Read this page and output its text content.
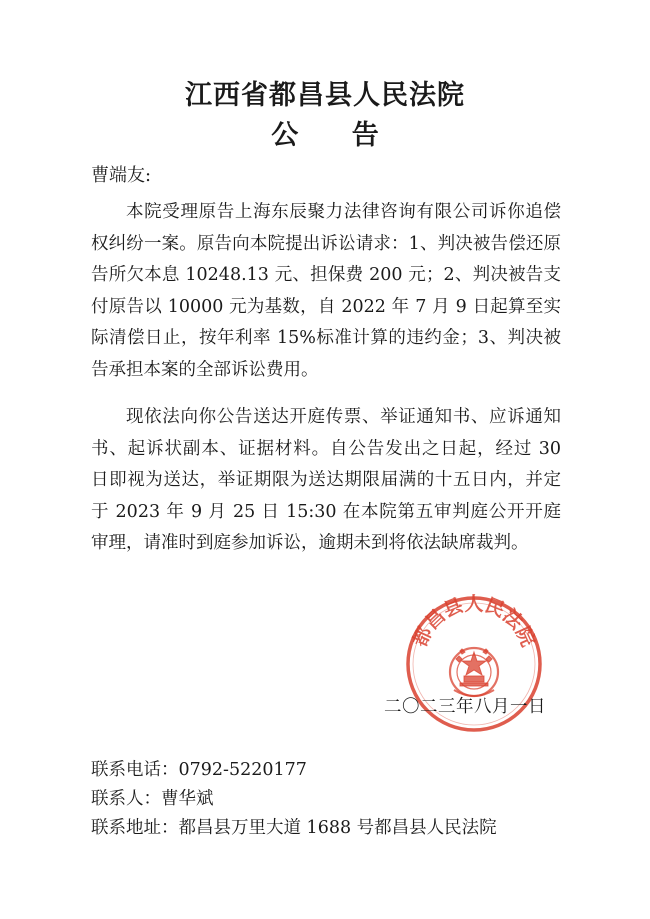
江西省都昌县人民法院
公 告
曹端友:

本院受理原告上海东辰聚力法律咨询有限公司诉你追偿权纠纷一案。原告向本院提出诉讼请求：1、判决被告偿还原告所欠本息 10248.13 元、担保费 200 元；2、判决被告支付原告以 10000 元为基数，自 2022 年 7 月 9 日起算至实际清偿日止，按年利率 15%标准计算的违约金；3、判决被告承担本案的全部诉讼费用。

现依法向你公告送达开庭传票、举证通知书、应诉通知书、起诉状副本、证据材料。自公告发出之日起，经过 30 日即视为送达，举证期限为送达期限届满的十五日内，并定于 2023 年 9 月 25 日 15:30 在本院第五审判庭公开开庭审理，请准时到庭参加诉讼，逾期未到将依法缺席裁判。

都昌县人民法院
二〇二三年八月一日
联系电话：0792-5220177
联系人：曹华斌
联系地址：都昌县万里大道 1688 号都昌县人民法院
